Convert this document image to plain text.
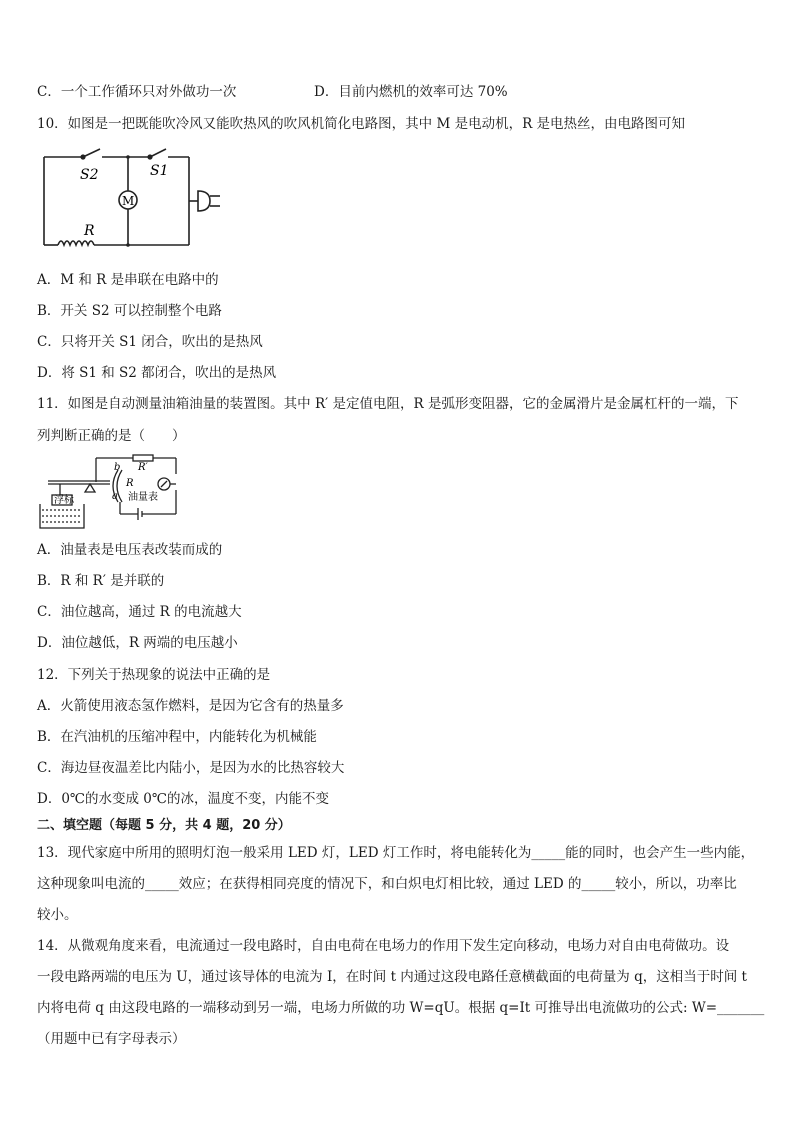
C．一个工作循环只对外做功一次	D．目前内燃机的效率可达 70%
10．如图是一把既能吹冷风又能吹热风的吹风机简化电路图，其中 M 是电动机，R 是电热丝，由电路图可知
S2	S1
M
R
A．M 和 R 是串联在电路中的
B．开关 S2 可以控制整个电路
C．只将开关 S1 闭合，吹出的是热风
D．将 S1 和 S2 都闭合，吹出的是热风
11．如图是自动测量油箱油量的装置图。其中 R′ 是定值电阻，R 是弧形变阻器，它的金属滑片是金属杠杆的一端，下
列判断正确的是（　　）
浮标
b
a
R
R′
油量表
A．油量表是电压表改装而成的
B．R 和 R′ 是并联的
C．油位越高，通过 R 的电流越大
D．油位越低，R 两端的电压越小
12．下列关于热现象的说法中正确的是
A．火箭使用液态氢作燃料，是因为它含有的热量多
B．在汽油机的压缩冲程中，内能转化为机械能
C．海边昼夜温差比内陆小，是因为水的比热容较大
D．0℃的水变成 0℃的冰，温度不变，内能不变
二、填空题（每题 5 分，共 4 题，20 分）
13．现代家庭中所用的照明灯泡一般采用 LED 灯，LED 灯工作时，将电能转化为_____能的同时，也会产生一些内能，
这种现象叫电流的_____效应；在获得相同亮度的情况下，和白炽电灯相比较，通过 LED 的_____较小，所以，功率比
较小。
14．从微观角度来看，电流通过一段电路时，自由电荷在电场力的作用下发生定向移动，电场力对自由电荷做功。设
一段电路两端的电压为 U，通过该导体的电流为 I，在时间 t 内通过这段电路任意横截面的电荷量为 q，这相当于时间 t
内将电荷 q 由这段电路的一端移动到另一端，电场力所做的功 W=qU。根据 q=It 可推导出电流做功的公式: W=_______
（用题中已有字母表示）
